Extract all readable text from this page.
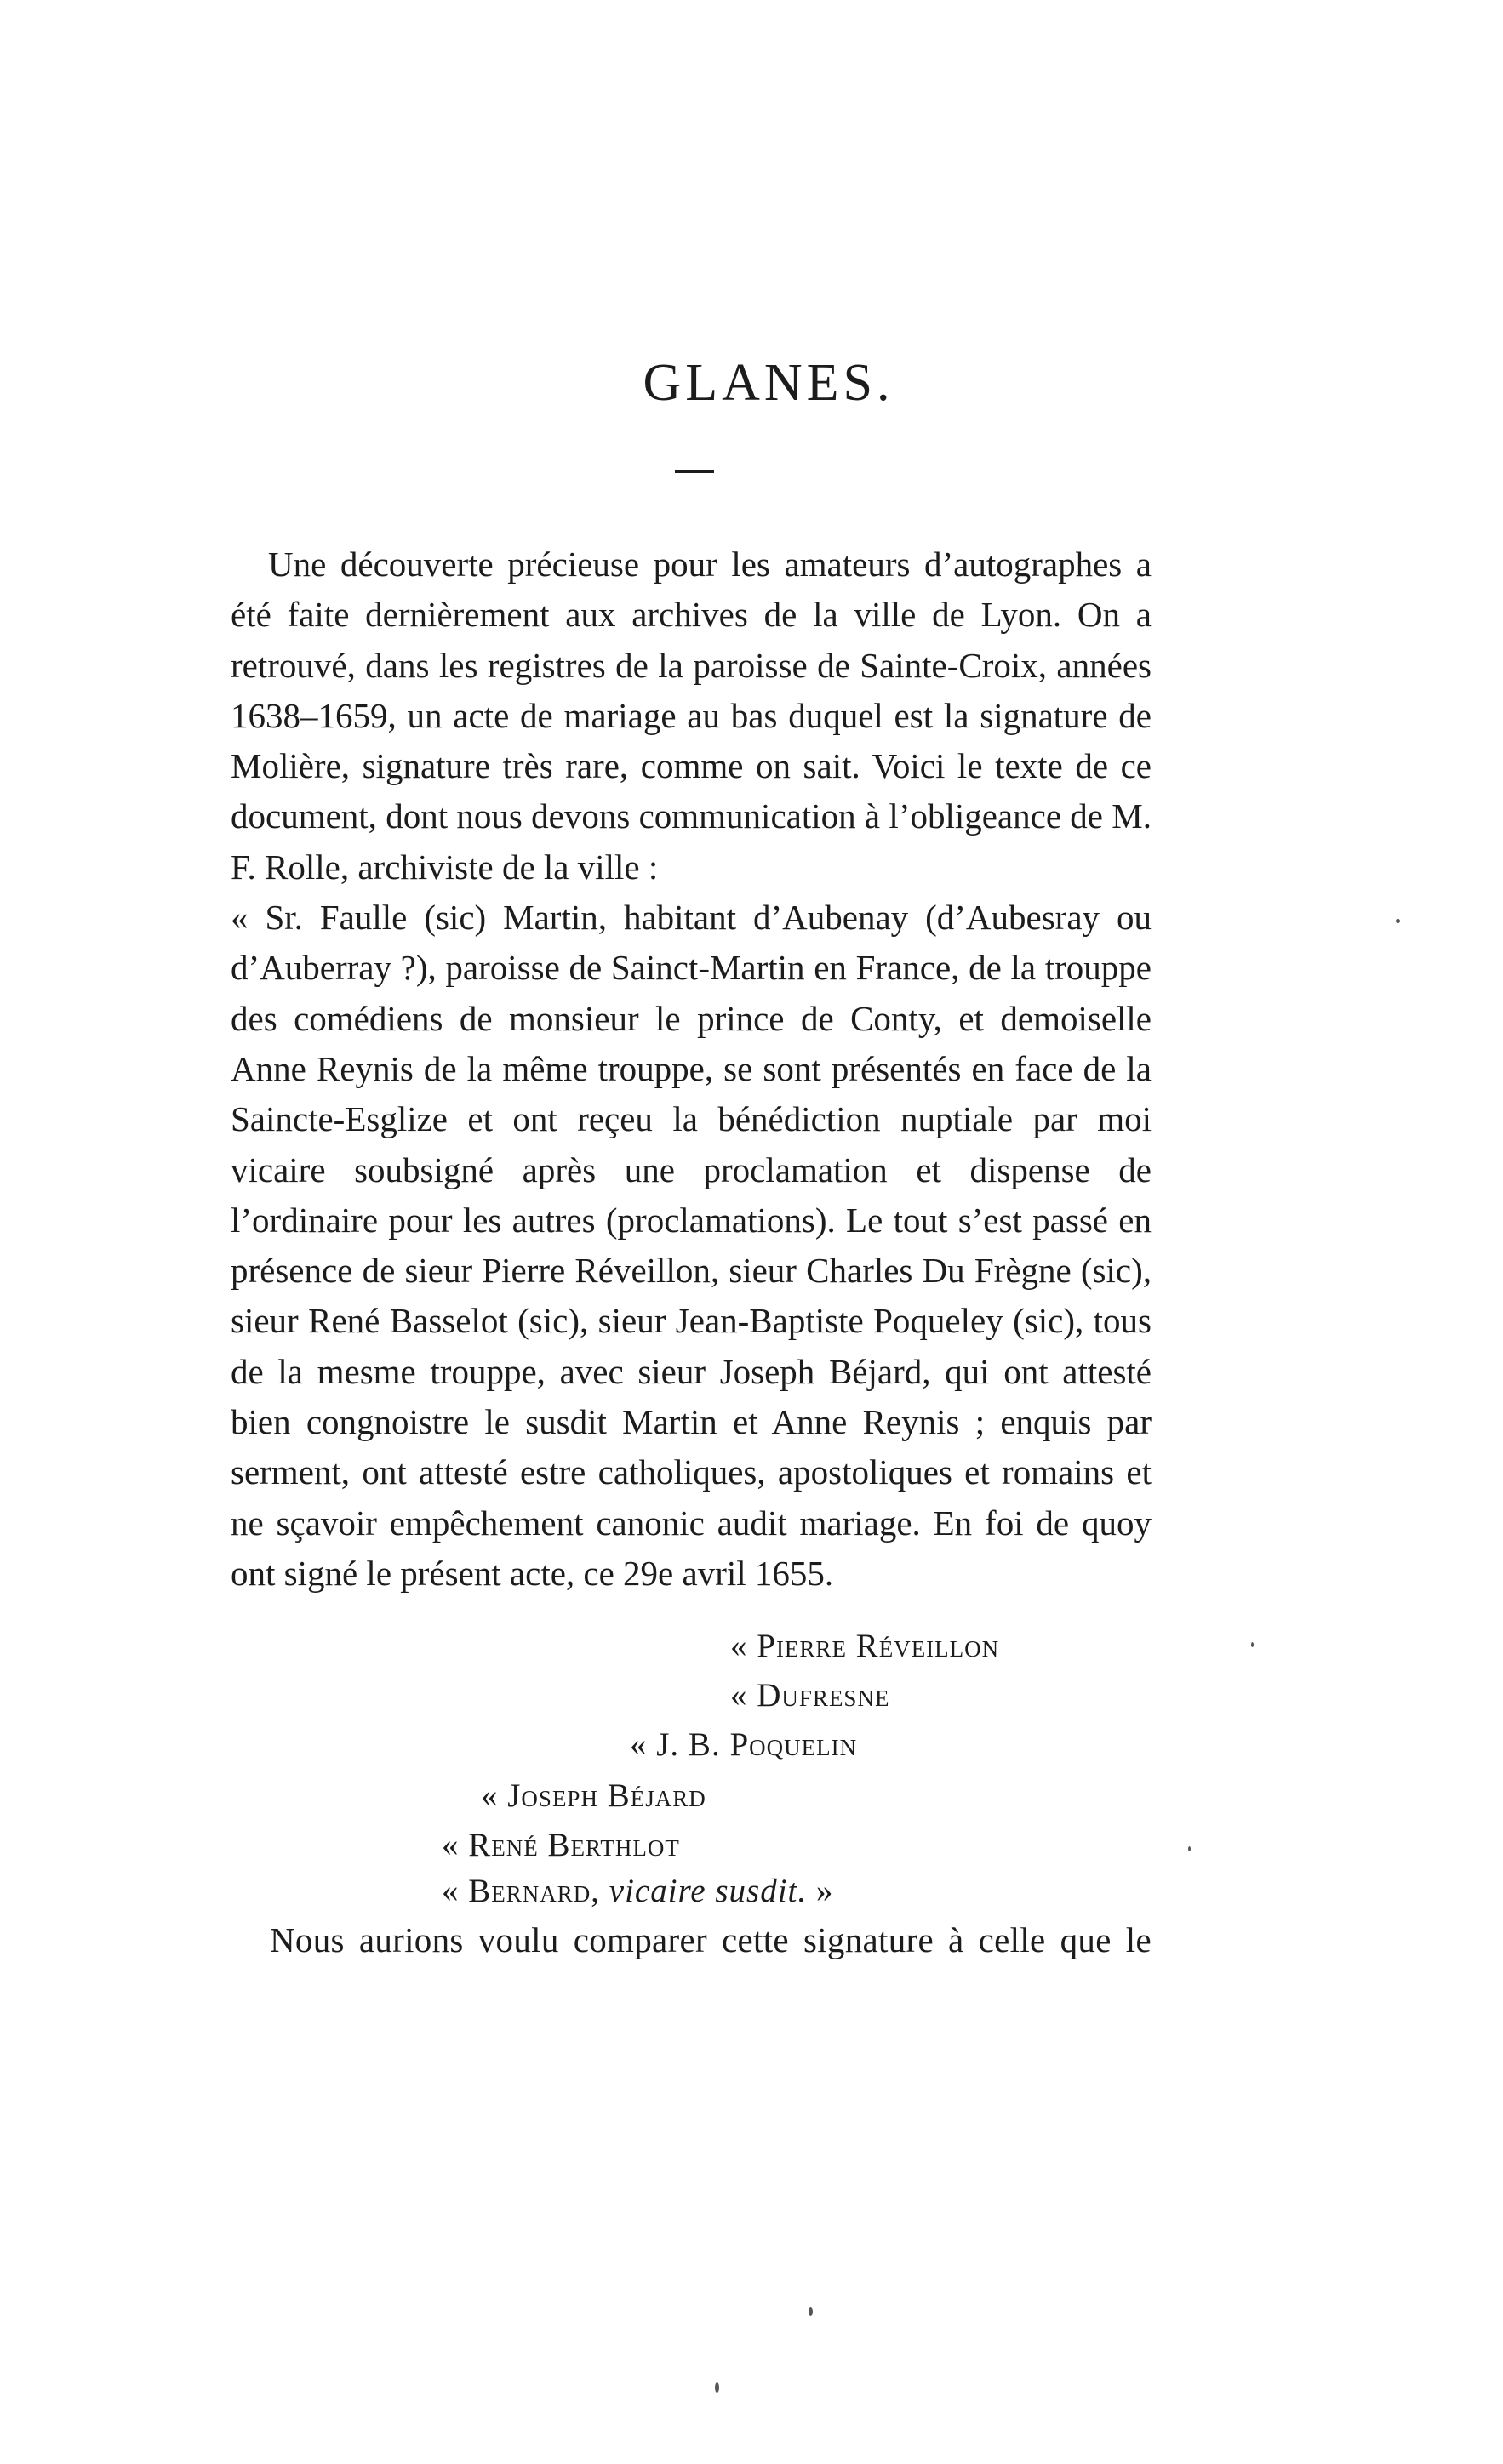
GLANES.

Une découverte précieuse pour les amateurs d’autographes a été faite dernièrement aux archives de la ville de Lyon. On a retrouvé, dans les registres de la paroisse de Sainte-Croix, années 1638–1659, un acte de mariage au bas duquel est la signature de Molière, signature très rare, comme on sait. Voici le texte de ce document, dont nous devons communication à l’obligeance de M. F. Rolle, archiviste de la ville :

« Sr. Faulle (sic) Martin, habitant d’Aubenay (d’Aubesray ou d’Auberray ?), paroisse de Sainct-Martin en France, de la trouppe des comédiens de monsieur le prince de Conty, et demoiselle Anne Reynis de la même trouppe, se sont présentés en face de la Saincte-Esglize et ont reçeu la bénédiction nuptiale par moi vicaire soubsigné après une proclamation et dispense de l’ordinaire pour les autres (proclamations). Le tout s’est passé en présence de sieur Pierre Réveillon, sieur Charles Du Frègne (sic), sieur René Basselot (sic), sieur Jean-Baptiste Poqueley (sic), tous de la mesme trouppe, avec sieur Joseph Béjard, qui ont attesté bien congnoistre le susdit Martin et Anne Reynis ; enquis par serment, ont attesté estre catholiques, apostoliques et romains et ne sçavoir empêchement canonic audit mariage. En foi de quoy ont signé le présent acte, ce 29e avril 1655.

« Pierre Réveillon
« Dufresne
« J. B. Poquelin
« Joseph Béjard
« René Berthlot
« Bernard, vicaire susdit. »
Nous aurions voulu comparer cette signature à celle que le
